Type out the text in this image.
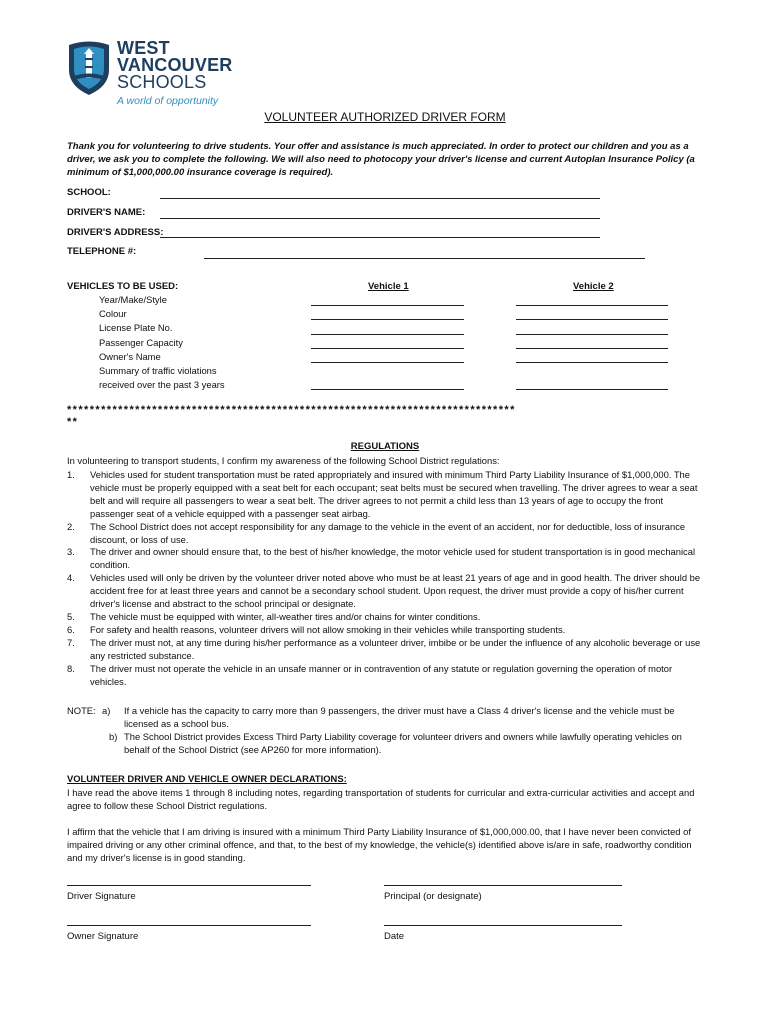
WEST
VANCOUVER
SCHOOLS
A world of opportunity
VOLUNTEER AUTHORIZED DRIVER FORM
Thank you for volunteering to drive students. Your offer and assistance is much appreciated. In order to protect our children and you as a driver, we ask you to complete the following. We will also need to photocopy your driver's license and current Autoplan Insurance Policy (a minimum of $1,000,000.00 insurance coverage is required).
SCHOOL:
DRIVER'S NAME:
DRIVER'S ADDRESS:
TELEPHONE #:
VEHICLES TO BE USED:	Vehicle 1	Vehicle 2
Year/Make/Style
Colour
License Plate No.
Passenger Capacity
Owner's Name
Summary of traffic violations
received over the past 3 years
*******************************************************************************
**
REGULATIONS
In volunteering to transport students, I confirm my awareness of the following School District regulations:
1.	Vehicles used for student transportation must be rated appropriately and insured with minimum Third Party Liability Insurance of $1,000,000. The vehicle must be properly equipped with a seat belt for each occupant; seat belts must be secured when travelling. The driver agrees to wear a seat belt and will require all passengers to wear a seat belt. The driver agrees to not permit a child less than 13 years of age to occupy the front passenger seat of a vehicle equipped with a passenger seat airbag.
2.	The School District does not accept responsibility for any damage to the vehicle in the event of an accident, nor for deductible, loss of insurance discount, or loss of use.
3.	The driver and owner should ensure that, to the best of his/her knowledge, the motor vehicle used for student transportation is in good mechanical condition.
4.	Vehicles used will only be driven by the volunteer driver noted above who must be at least 21 years of age and in good health. The driver should be accident free for at least three years and cannot be a secondary school student. Upon request, the driver must provide a copy of his/her current driver's license and abstract to the school principal or designate.
5.	The vehicle must be equipped with winter, all-weather tires and/or chains for winter conditions.
6.	For safety and health reasons, volunteer drivers will not allow smoking in their vehicles while transporting students.
7.	The driver must not, at any time during his/her performance as a volunteer driver, imbibe or be under the influence of any alcoholic beverage or use any restricted substance.
8.	The driver must not operate the vehicle in an unsafe manner or in contravention of any statute or regulation governing the operation of motor vehicles.
NOTE: a)	If a vehicle has the capacity to carry more than 9 passengers, the driver must have a Class 4 driver's license and the vehicle must be licensed as a school bus.
b) The School District provides Excess Third Party Liability coverage for volunteer drivers and owners while lawfully operating vehicles on behalf of the School District (see AP260 for more information).
VOLUNTEER DRIVER AND VEHICLE OWNER DECLARATIONS:
I have read the above items 1 through 8 including notes, regarding transportation of students for curricular and extra-curricular activities and accept and agree to follow these School District regulations.
I affirm that the vehicle that I am driving is insured with a minimum Third Party Liability Insurance of $1,000,000.00, that I have never been convicted of impaired driving or any other criminal offence, and that, to the best of my knowledge, the vehicle(s) identified above is/are in safe, roadworthy condition and my driver's license is in good standing.
Driver Signature	Principal (or designate)
Owner Signature	Date
